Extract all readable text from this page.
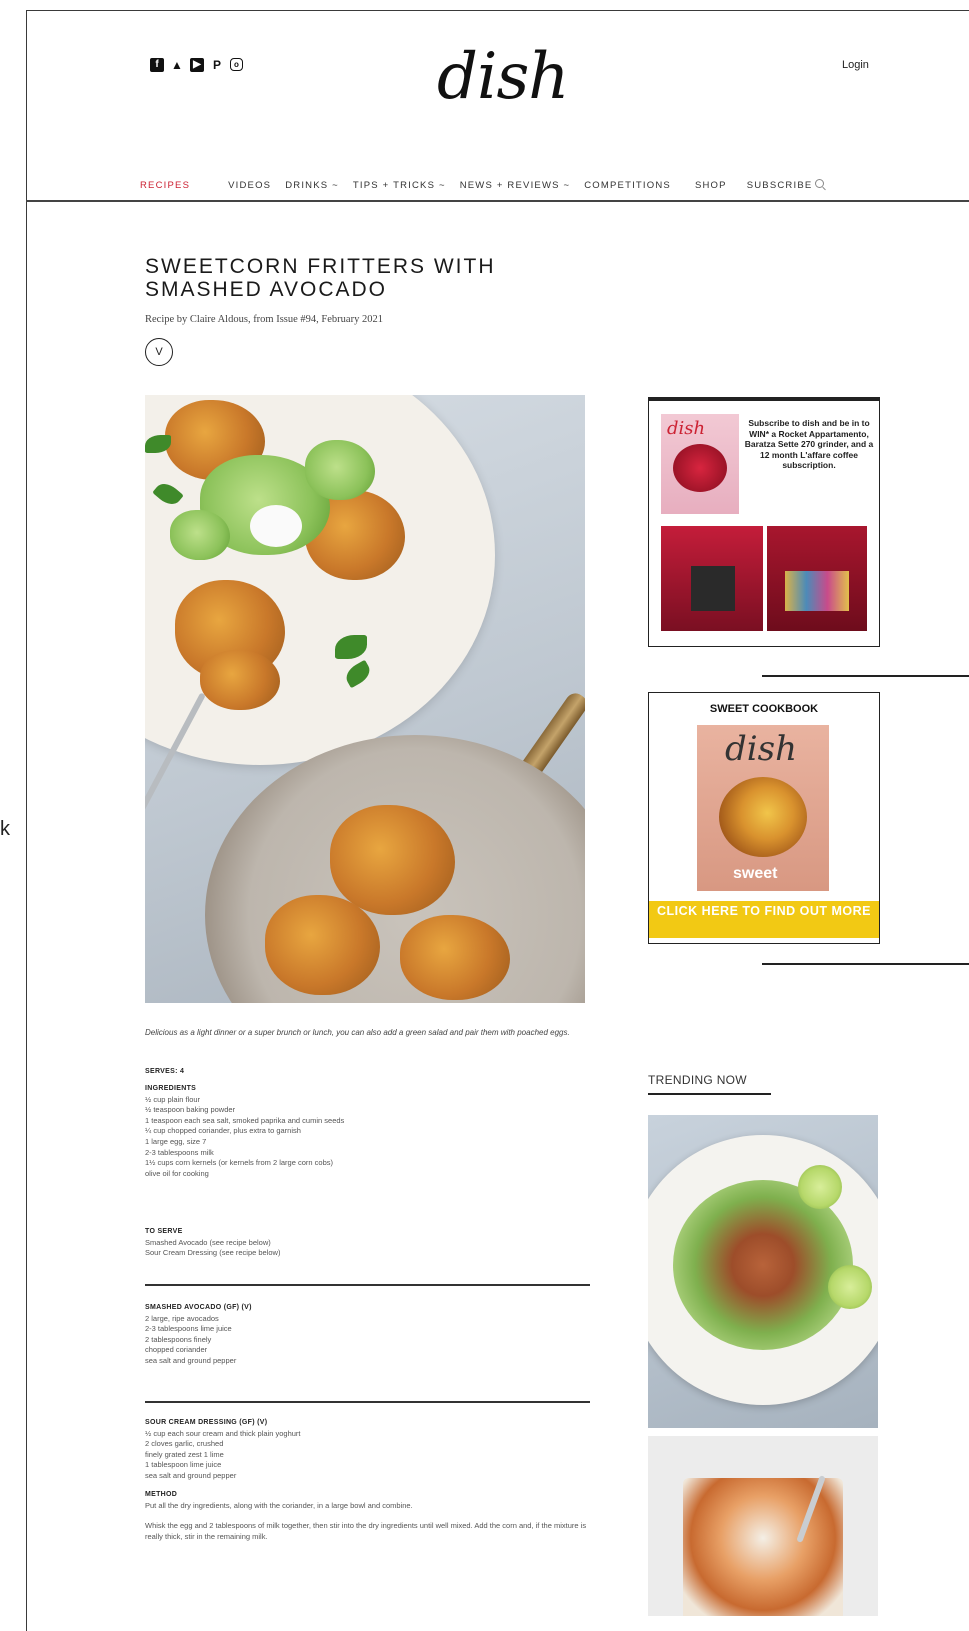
k
f	▲	▶ P	o	dish	Login
RECIPES	VIDEOS DRINKS ~ TIPS + TRICKS ~ NEWS + REVIEWS ~ COMPETITIONS	SHOP SUBSCRIBE
SWEETCORN FRITTERS WITH SMASHED AVOCADO
Recipe by Claire Aldous, from Issue #94, February 2021
V
Delicious as a light dinner or a super brunch or lunch, you can also add a green salad and pair them with poached eggs.
SERVES: 4
INGREDIENTS
½ cup plain flour
½ teaspoon baking powder
1 teaspoon each sea salt, smoked paprika and cumin seeds
¼ cup chopped coriander, plus extra to garnish
1 large egg, size 7
2-3 tablespoons milk
1½ cups corn kernels (or kernels from 2 large corn cobs)
olive oil for cooking
TO SERVE
Smashed Avocado (see recipe below)
Sour Cream Dressing (see recipe below)
SMASHED AVOCADO (GF) (V)
2 large, ripe avocados
2-3 tablespoons lime juice
2 tablespoons finely
chopped coriander
sea salt and ground pepper
SOUR CREAM DRESSING (GF) (V)
½ cup each sour cream and thick plain yoghurt
2 cloves garlic, crushed
finely grated zest 1 lime
1 tablespoon lime juice
sea salt and ground pepper
METHOD
Put all the dry ingredients, along with the coriander, in a large bowl and combine.
Whisk the egg and 2 tablespoons of milk together, then stir into the dry ingredients until well mixed. Add the corn and, if the mixture is really thick, stir in the remaining milk.
dish	Subscribe to dish and be in to WIN* a Rocket Appartamento, Baratza Sette 270 grinder, and a 12 month L'affare coffee subscription.
SWEET COOKBOOK
dish
sweet
CLICK HERE TO FIND OUT MORE
TRENDING NOW
